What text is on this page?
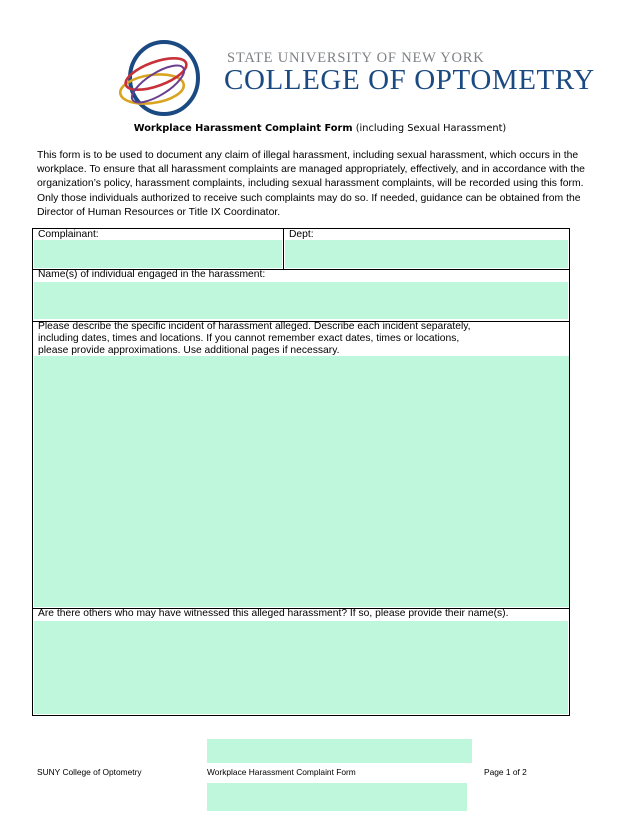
STATE UNIVERSITY OF NEW YORK
COLLEGE OF OPTOMETRY
Workplace Harassment Complaint Form (including Sexual Harassment)
This form is to be used to document any claim of illegal harassment, including sexual harassment, which occurs in the workplace. To ensure that all harassment complaints are managed appropriately, effectively, and in accordance with the organization’s policy, harassment complaints, including sexual harassment complaints, will be recorded using this form. Only those individuals authorized to receive such complaints may do so. If needed, guidance can be obtained from the Director of Human Resources or Title IX Coordinator.
Complainant:	Dept:
Name(s) of individual engaged in the harassment:
Please describe the specific incident of harassment alleged. Describe each incident separately,
including dates, times and locations. If you cannot remember exact dates, times or locations,
please provide approximations. Use additional pages if necessary.
Are there others who may have witnessed this alleged harassment? If so, please provide their name(s).
SUNY College of Optometry	Workplace Harassment Complaint Form	Page 1 of 2
